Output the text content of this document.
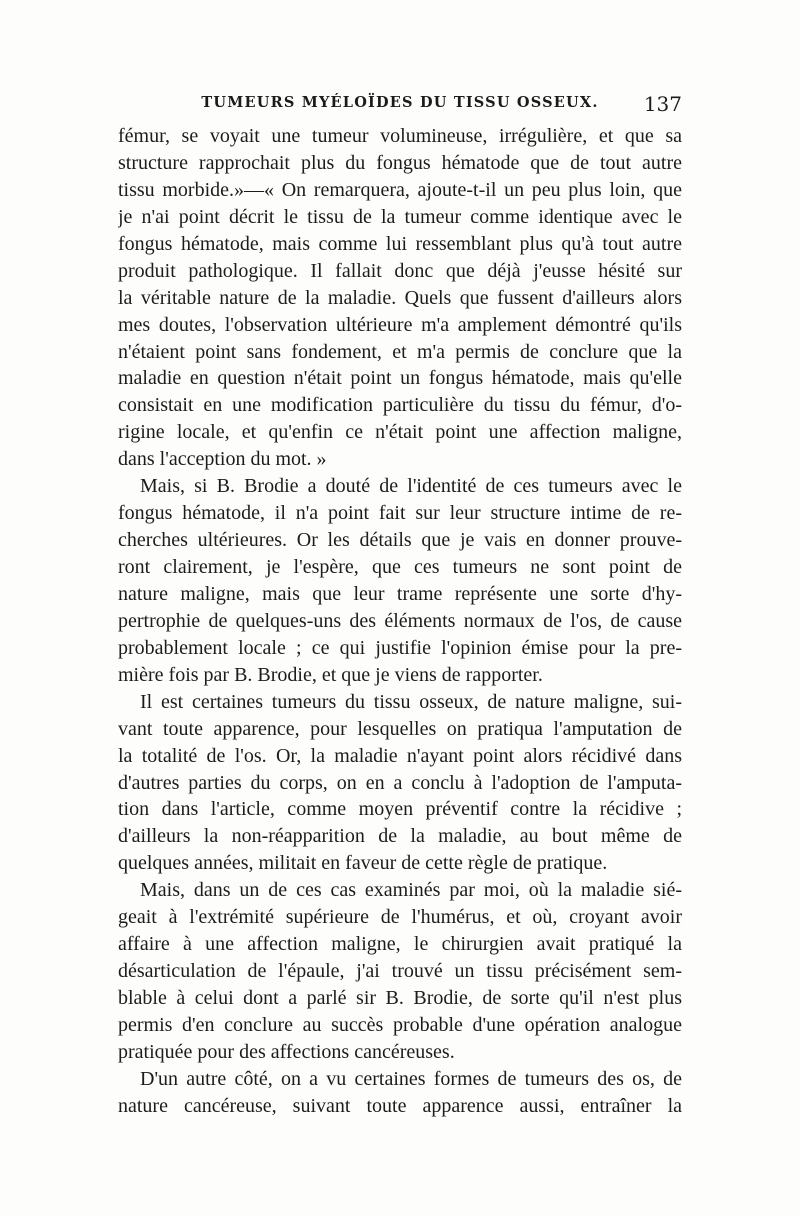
TUMEURS MYÉLOÏDES DU TISSU OSSEUX.	137
fémur, se voyait une tumeur volumineuse, irrégulière, et que sa
structure rapprochait plus du fongus hématode que de tout autre
tissu morbide.»—« On remarquera, ajoute-t-il un peu plus loin, que
je n'ai point décrit le tissu de la tumeur comme identique avec le
fongus hématode, mais comme lui ressemblant plus qu'à tout autre
produit pathologique. Il fallait donc que déjà j'eusse hésité sur
la véritable nature de la maladie. Quels que fussent d'ailleurs alors
mes doutes, l'observation ultérieure m'a amplement démontré qu'ils
n'étaient point sans fondement, et m'a permis de conclure que la
maladie en question n'était point un fongus hématode, mais qu'elle
consistait en une modification particulière du tissu du fémur, d'o-
rigine locale, et qu'enfin ce n'était point une affection maligne,
dans l'acception du mot. »
Mais, si B. Brodie a douté de l'identité de ces tumeurs avec le
fongus hématode, il n'a point fait sur leur structure intime de re-
cherches ultérieures. Or les détails que je vais en donner prouve-
ront clairement, je l'espère, que ces tumeurs ne sont point de
nature maligne, mais que leur trame représente une sorte d'hy-
pertrophie de quelques-uns des éléments normaux de l'os, de cause
probablement locale ; ce qui justifie l'opinion émise pour la pre-
mière fois par B. Brodie, et que je viens de rapporter.
Il est certaines tumeurs du tissu osseux, de nature maligne, sui-
vant toute apparence, pour lesquelles on pratiqua l'amputation de
la totalité de l'os. Or, la maladie n'ayant point alors récidivé dans
d'autres parties du corps, on en a conclu à l'adoption de l'amputa-
tion dans l'article, comme moyen préventif contre la récidive ;
d'ailleurs la non-réapparition de la maladie, au bout même de
quelques années, militait en faveur de cette règle de pratique.
Mais, dans un de ces cas examinés par moi, où la maladie sié-
geait à l'extrémité supérieure de l'humérus, et où, croyant avoir
affaire à une affection maligne, le chirurgien avait pratiqué la
désarticulation de l'épaule, j'ai trouvé un tissu précisément sem-
blable à celui dont a parlé sir B. Brodie, de sorte qu'il n'est plus
permis d'en conclure au succès probable d'une opération analogue
pratiquée pour des affections cancéreuses.
D'un autre côté, on a vu certaines formes de tumeurs des os, de
nature cancéreuse, suivant toute apparence aussi, entraîner la
